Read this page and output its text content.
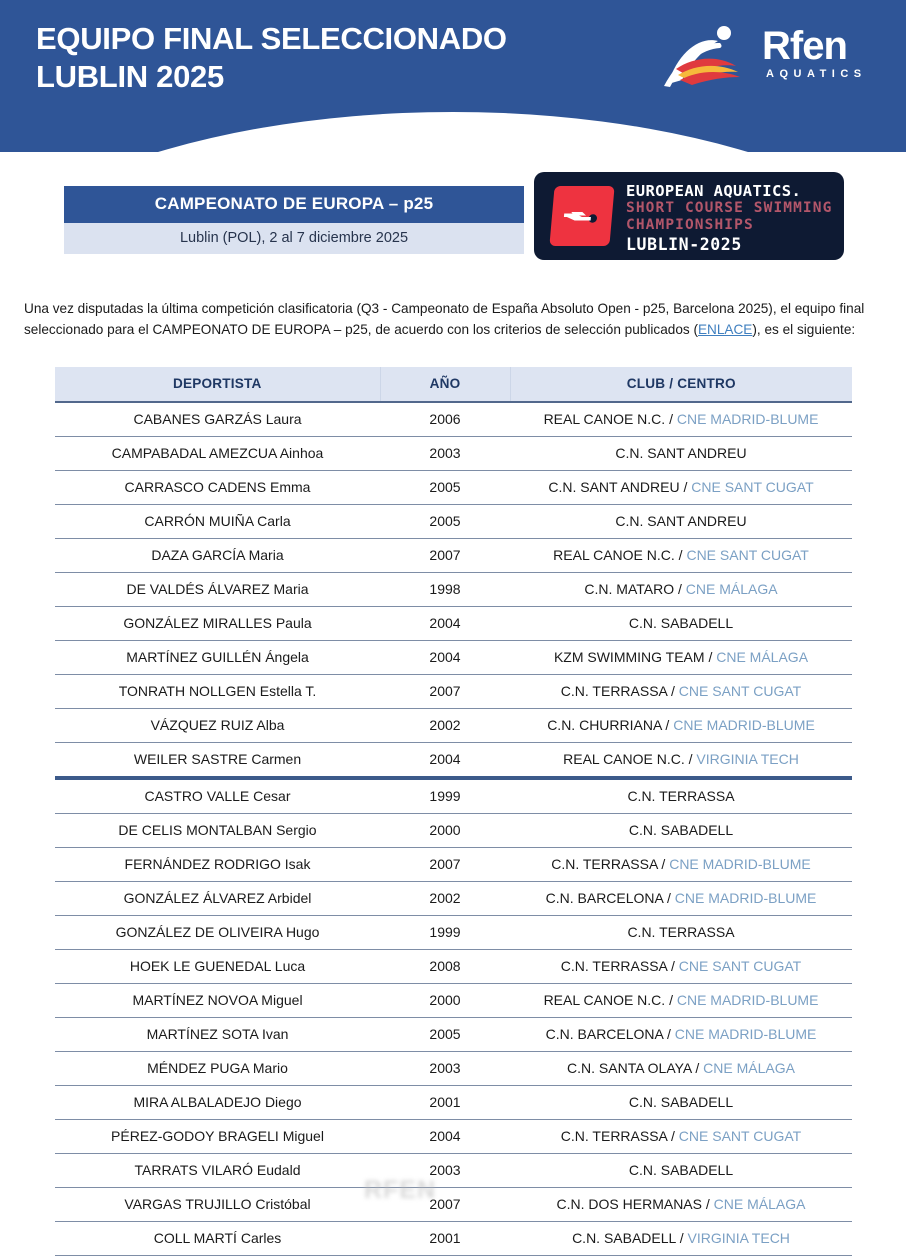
EQUIPO FINAL SELECCIONADO
LUBLIN 2025
Rfen
AQUATICS
CAMPEONATO DE EUROPA – p25
Lublin (POL), 2 al 7 diciembre 2025
EUROPEAN AQUATICS.
SHORT COURSE SWIMMING
CHAMPIONSHIPS
LUBLIN-2025

Una vez disputadas la última competición clasificatoria (Q3 - Campeonato de España Absoluto Open - p25, Barcelona 2025), el equipo final seleccionado para el CAMPEONATO DE EUROPA – p25, de acuerdo con los criterios de selección publicados (ENLACE), es el siguiente:

DEPORTISTA	AÑO	CLUB / CENTRO
CABANES GARZÁS Laura	2006	REAL CANOE N.C. / CNE MADRID-BLUME
CAMPABADAL AMEZCUA Ainhoa	2003	C.N. SANT ANDREU
CARRASCO CADENS Emma	2005	C.N. SANT ANDREU / CNE SANT CUGAT
CARRÓN MUIÑA Carla	2005	C.N. SANT ANDREU
DAZA GARCÍA Maria	2007	REAL CANOE N.C. / CNE SANT CUGAT
DE VALDÉS ÁLVAREZ Maria	1998	C.N. MATARO / CNE MÁLAGA
GONZÁLEZ MIRALLES Paula	2004	C.N. SABADELL
MARTÍNEZ GUILLÉN Ángela	2004	KZM SWIMMING TEAM / CNE MÁLAGA
TONRATH NOLLGEN Estella T.	2007	C.N. TERRASSA / CNE SANT CUGAT
VÁZQUEZ RUIZ Alba	2002	C.N. CHURRIANA / CNE MADRID-BLUME
WEILER SASTRE Carmen	2004	REAL CANOE N.C. / VIRGINIA TECH
CASTRO VALLE Cesar	1999	C.N. TERRASSA
DE CELIS MONTALBAN Sergio	2000	C.N. SABADELL
FERNÁNDEZ RODRIGO Isak	2007	C.N. TERRASSA / CNE MADRID-BLUME
GONZÁLEZ ÁLVAREZ Arbidel	2002	C.N. BARCELONA / CNE MADRID-BLUME
GONZÁLEZ DE OLIVEIRA Hugo	1999	C.N. TERRASSA
HOEK LE GUENEDAL Luca	2008	C.N. TERRASSA / CNE SANT CUGAT
MARTÍNEZ NOVOA Miguel	2000	REAL CANOE N.C. / CNE MADRID-BLUME
MARTÍNEZ SOTA Ivan	2005	C.N. BARCELONA / CNE MADRID-BLUME
MÉNDEZ PUGA Mario	2003	C.N. SANTA OLAYA / CNE MÁLAGA
MIRA ALBALADEJO Diego	2001	C.N. SABADELL
PÉREZ-GODOY BRAGELI Miguel	2004	C.N. TERRASSA / CNE SANT CUGAT
TARRATS VILARÓ Eudald	2003	C.N. SABADELL
VARGAS TRUJILLO Cristóbal	2007	C.N. DOS HERMANAS / CNE MÁLAGA
COLL MARTÍ Carles	2001	C.N. SABADELL / VIRGINIA TECH
RFEN
